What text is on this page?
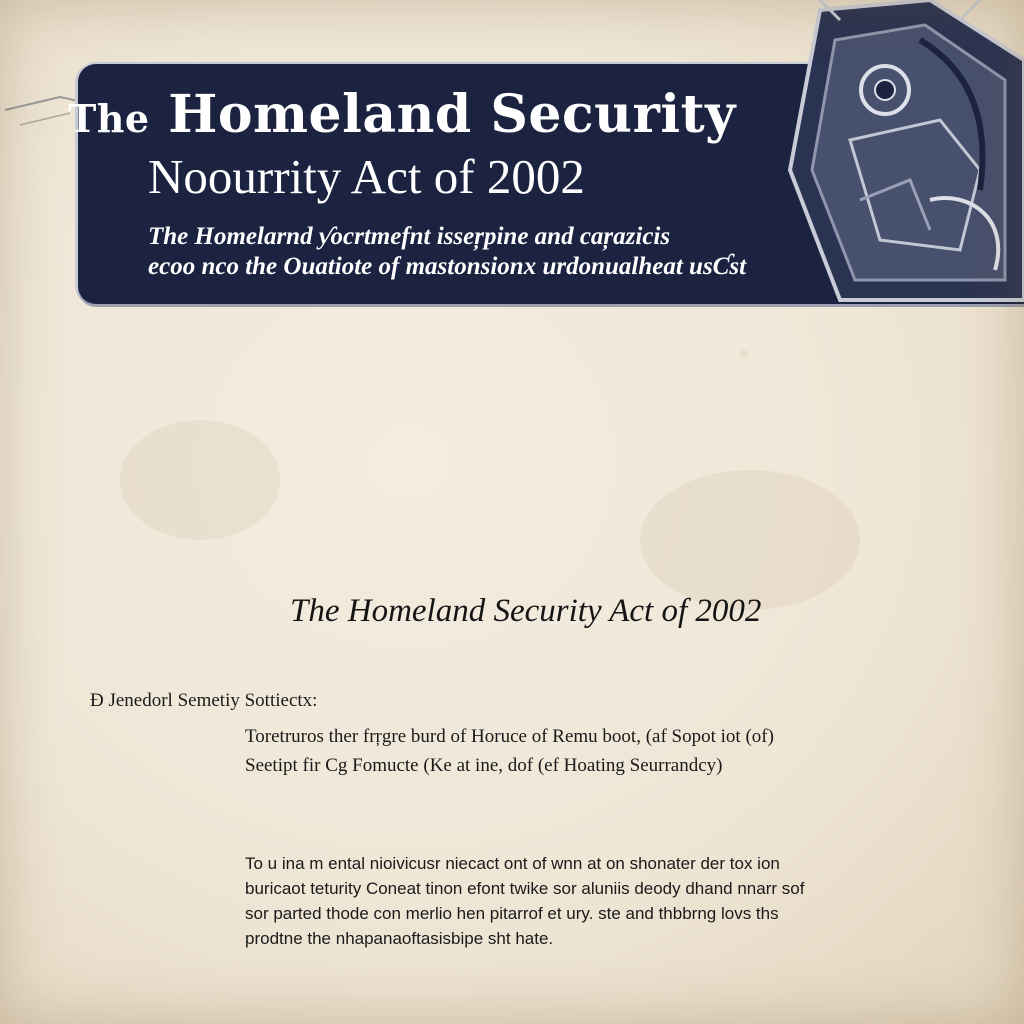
The Homeland Security
Noourrity Act of 2002
The Homelarnd ƴocrtmefnt isseŗpine and caŗazicis
ecoo nco the Ouatiote of mastonsionx urdonualheat usƇst
The Homeland Security Act of 2002
Ð Jenedorl Semetiy Sottiectx:
Toretruros ther frŗgre burd of Horuce of Remu boot, (af Sopot iot (of)
Seetipt fir Cg Fomucte (Ke at ine, dof (ef Hoating Seurrandcy)
To u ina m ental nioivicusr niecact ont of wnn at on shonater der tox ion
buricaot teturity Coneat tinon efont twike sor aluniis deody dhand nnarr sof
sor parted thode con merlio hen pitarrof et ury. ste and thbbrng lovs ths
prodtne the nhapanaoftasisbipe sht hate.
